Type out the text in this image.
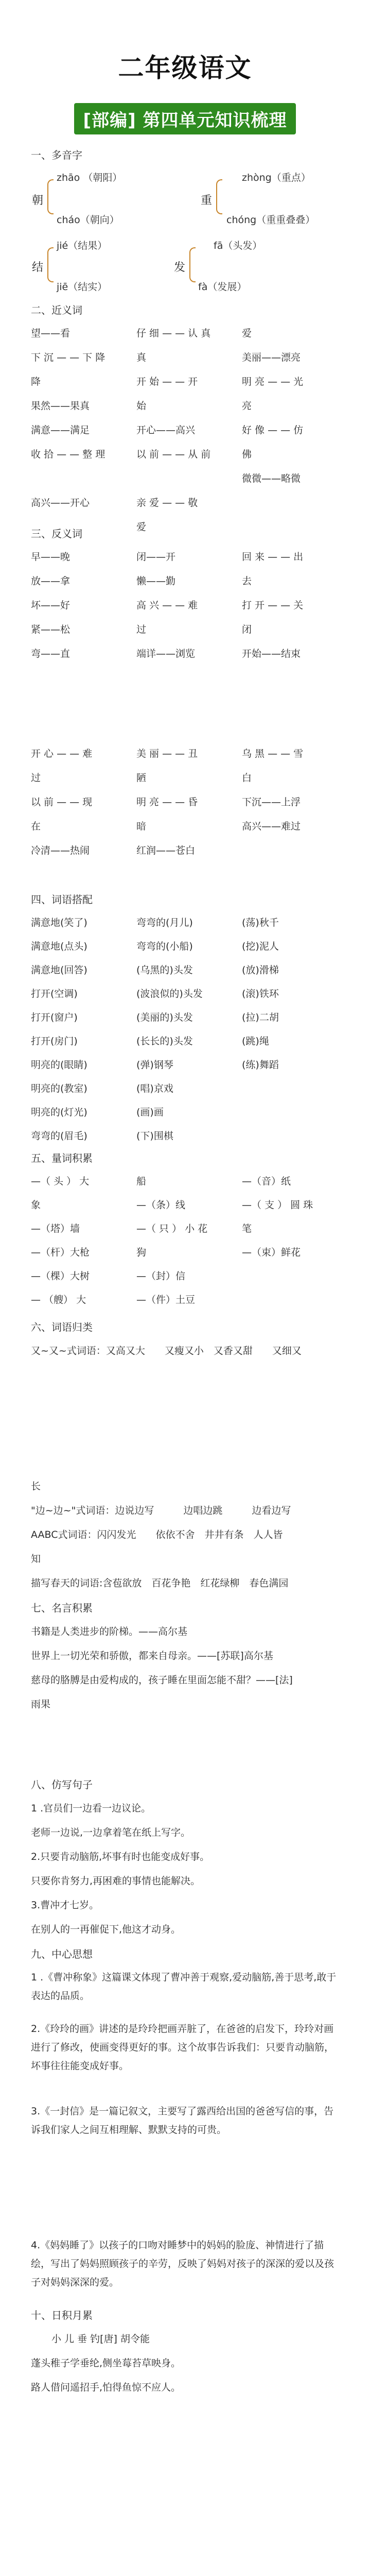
二年级语文
[部编] 第四单元知识梳理
一、多音字
zhāo （朝阳）
朝
cháo（朝向）
zhòng（重点）
重
chóng（重重叠叠）
jié（结果）
结
jiē（结实）
fā（头发）
发
fà（发展）
二、近义词
望——看	仔 细 — — 认 真	爱
下 沉 — — 下 降	真	美丽——漂亮
降	开 始 — — 开	明 亮 — — 光
果然——果真	始	亮
满意——满足	开心——高兴	好 像 — — 仿
收 拾 — — 整 理	以 前 — — 从 前	佛
微微——略微
高兴——开心	亲 爱 — — 敬
爱
三、反义词
早——晚	闭——开	回 来 — — 出
放——拿	懒——勤	去
坏——好	高 兴 — — 难	打 开 — — 关
紧——松	过	闭
弯——直	端详——浏览	开始——结束
开 心 — — 难	美 丽 — — 丑	乌 黑 — — 雪
过	陋	白
以 前 — — 现	明 亮 — — 昏	下沉——上浮
在	暗	高兴——难过
冷清——热闹	红润——苍白
四、词语搭配
满意地(笑了)	弯弯的(月儿)	(荡)秋千
满意地(点头)	弯弯的(小船)	(挖)泥人
满意地(回答)	(乌黑的)头发	(放)滑梯
打开(空调)	(波浪似的)头发	(滚)铁环
打开(窗户)	(美丽的)头发	(拉)二胡
打开(房门)	(长长的)头发	(跳)绳
明亮的(眼睛)	(弹)钢琴	(练)舞蹈
明亮的(教室)	(唱)京戏
明亮的(灯光)	(画)画
弯弯的(眉毛)	(下)围棋
五、量词积累
—（ 头 ） 大	船	—（音）纸
象	—（条）线	—（ 支 ） 圆 珠
—（塔）墙	—（ 只 ） 小 花	笔
—（杆）大枪	狗	—（束）鲜花
—（棵）大树	—（封）信
— （艘） 大	—（件）土豆
六、词语归类
又~又~式词语：又高又大　　又瘦又小　又香又甜　　又细又
长
"边~边~"式词语：边说边写　　　边唱边跳　　　边看边写
AABC式词语：闪闪发光　　依依不舍　井井有条　人人皆
知
描写春天的词语:含苞欲放　百花争艳　红花绿柳　春色满园
七、名言积累
书籍是人类进步的阶梯。——高尔基
世界上一切光荣和骄傲，都来自母亲。——[苏联]高尔基
慈母的胳膊是由爱构成的，孩子睡在里面怎能不甜？——[法]
雨果
八、仿写句子
1 .官员们一边看一边议论。
老师一边说,一边拿着笔在纸上写字。
2.只要肯动脑筋,坏事有时也能变成好事。
只要你肯努力,再困难的事情也能解决。
3.曹冲才七岁。
在别人的一再催促下,他这才动身。
九、中心思想
1 .《曹冲称象》这篇课文体现了曹冲善于观察,爱动脑筋,善于思考,敢于表达的品质。
2.《玲玲的画》讲述的是玲玲把画弄脏了，在爸爸的启发下，玲玲对画进行了修改，使画变得更好的事。这个故事告诉我们：只要肯动脑筋，坏事往往能变成好事。
3.《一封信》是一篇记叙文，主要写了露西给出国的爸爸写信的事，告诉我们家人之间互相理解、默默支持的可贵。
4.《妈妈睡了》以孩子的口吻对睡梦中的妈妈的脸庞、神情进行了描绘，写出了妈妈照顾孩子的辛劳，反映了妈妈对孩子的深深的爱以及孩子对妈妈深深的爱。
十、日积月累
小 儿 垂 钓[唐] 胡令能
蓬头稚子学垂纶,侧坐莓苔草映身。
路人借问遥招手,怕得鱼惊不应人。
